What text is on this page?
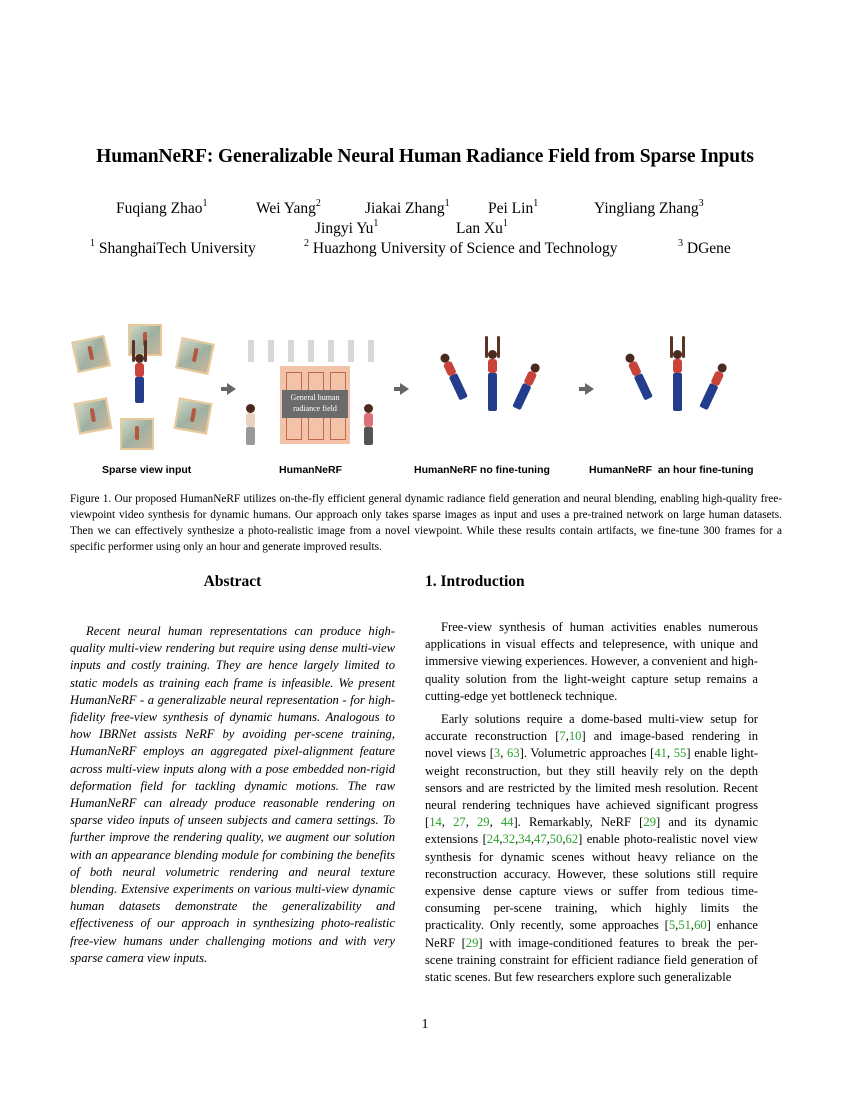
HumanNeRF: Generalizable Neural Human Radiance Field from Sparse Inputs
Fuqiang Zhao$^1$	Wei Yang$^2$	Jiakai Zhang$^1$ Pei Lin$^1$	Yingliang Zhang$^3$
Jingyi Yu$^1$	Lan Xu$^1$
$^1$ ShanghaiTech University	$^2$ Huazhong University of Science and Technology	$^3$ DGene
General human
radiance field
Sparse view input	HumanNeRF	HumanNeRF no fine-tuning	HumanNeRF  an hour fine-tuning
Figure 1. Our proposed HumanNeRF utilizes on-the-fly efficient general dynamic radiance field generation and neural blending, enabling high-quality free-viewpoint video synthesis for dynamic humans. Our approach only takes sparse images as input and uses a pre-trained network on large human datasets. Then we can effectively synthesize a photo-realistic image from a novel viewpoint. While these results contain artifacts, we fine-tune 300 frames for a specific performer using only an hour and generate improved results.
Abstract
Recent neural human representations can produce high-quality multi-view rendering but require using dense multi-view inputs and costly training. They are hence largely limited to static models as training each frame is infeasible. We present HumanNeRF - a generalizable neural representation - for high-fidelity free-view synthesis of dynamic humans. Analogous to how IBRNet assists NeRF by avoiding per-scene training, HumanNeRF employs an aggregated pixel-alignment feature across multi-view inputs along with a pose embedded non-rigid deformation field for tackling dynamic motions. The raw HumanNeRF can already produce reasonable rendering on sparse video inputs of unseen subjects and camera settings. To further improve the rendering quality, we augment our solution with an appearance blending module for combining the benefits of both neural volumetric rendering and neural texture blending. Extensive experiments on various multi-view dynamic human datasets demonstrate the generalizability and effectiveness of our approach in synthesizing photo-realistic free-view humans under challenging motions and with very sparse camera view inputs.
1. Introduction

Free-view synthesis of human activities enables numerous applications in visual effects and telepresence, with unique and immersive viewing experiences. However, a convenient and high-quality solution from the light-weight capture setup remains a cutting-edge yet bottleneck technique.

Early solutions require a dome-based multi-view setup for accurate reconstruction [7,10] and image-based rendering in novel views [3, 63]. Volumetric approaches [41, 55] enable light-weight reconstruction, but they still heavily rely on the depth sensors and are restricted by the limited mesh resolution. Recent neural rendering techniques have achieved significant progress [14, 27, 29, 44]. Remarkably, NeRF [29] and its dynamic extensions [24,32,34,47,50,62] enable photo-realistic novel view synthesis for dynamic scenes without heavy reliance on the reconstruction accuracy. However, these solutions still require expensive dense capture views or suffer from tedious time-consuming per-scene training, which highly limits the practicality. Only recently, some approaches [5,51,60] enhance NeRF [29] with image-conditioned features to break the per-scene training constraint for efficient radiance field generation of static scenes. But few researchers explore such generalizable

1
